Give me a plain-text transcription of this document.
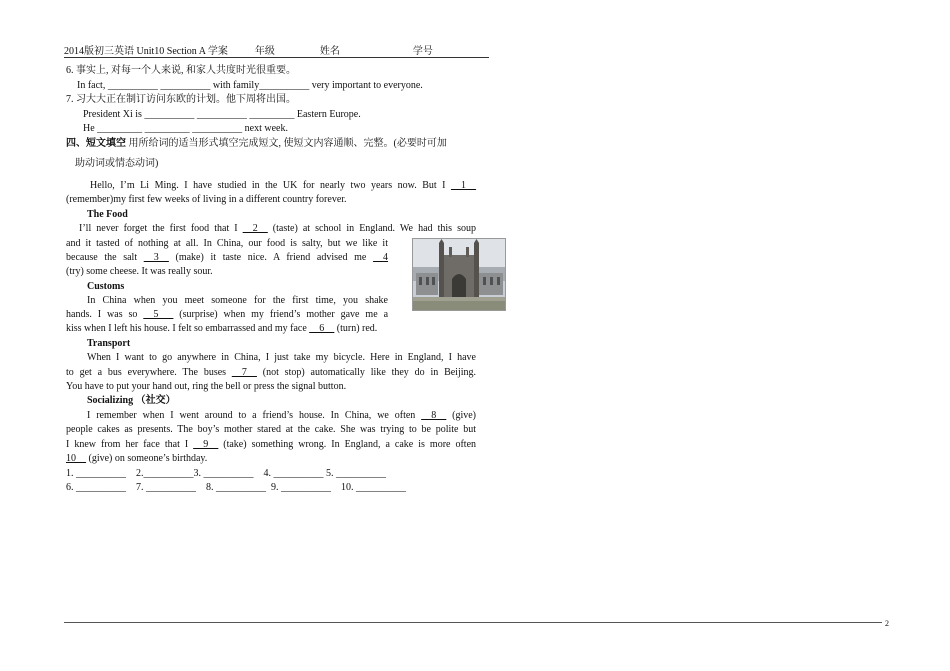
2014版初三英语 Unit10 Section A 学案	年级	姓名	学号
6. 事实上, 对每一个人来说, 和家人共度时光很重要。
In fact, __________ __________ with family__________ very important to everyone.
7. 习大大正在制订访问东欧的计划。他下周将出国。
President Xi is __________ __________ _________ Eastern Europe.
He _________ _________ __________ next week.
四、短文填空 用所给词的适当形式填空完成短文, 使短文内容通顺、完整。(必要时可加
助动词或情态动词)
Hello, I’m Li Ming. I have studied in the UK for nearly two years now. But I __1__
(remember)my first few weeks of living in a different country forever.
The Food
I’ll never forget the first food that I __2__ (taste) at school in England. We had this soup
and it tasted of nothing at all. In China, our food is salty, but we like it
because the salt __3__ (make) it taste nice. A friend advised me __4
(try) some cheese. It was really sour.
Customs
In China when you meet someone for the first time, you shake
hands. I was so __5___ (surprise) when my friend’s mother gave me a
kiss when I left his house. I felt so embarrassed and my face __6__ (turn) red.
Transport
When I want to go anywhere in China, I just take my bicycle. Here in England, I have
to get a bus everywhere. The buses __7__ (not stop) automatically like they do in Beijing.
You have to put your hand out, ring the bell or press the signal button.
Socializing （社交）
I remember when I went around to a friend’s house. In China, we often __8__ (give)
people cakes as presents. The boy’s mother stared at the cake. She was trying to be polite but
I knew from her face that I __9__ (take) something wrong. In England, a cake is more often
10__ (give) on someone’s birthday.
1. __________    2.__________3. __________    4. __________ 5. __________
6. __________    7. __________    8. __________  9. __________    10. __________
2
